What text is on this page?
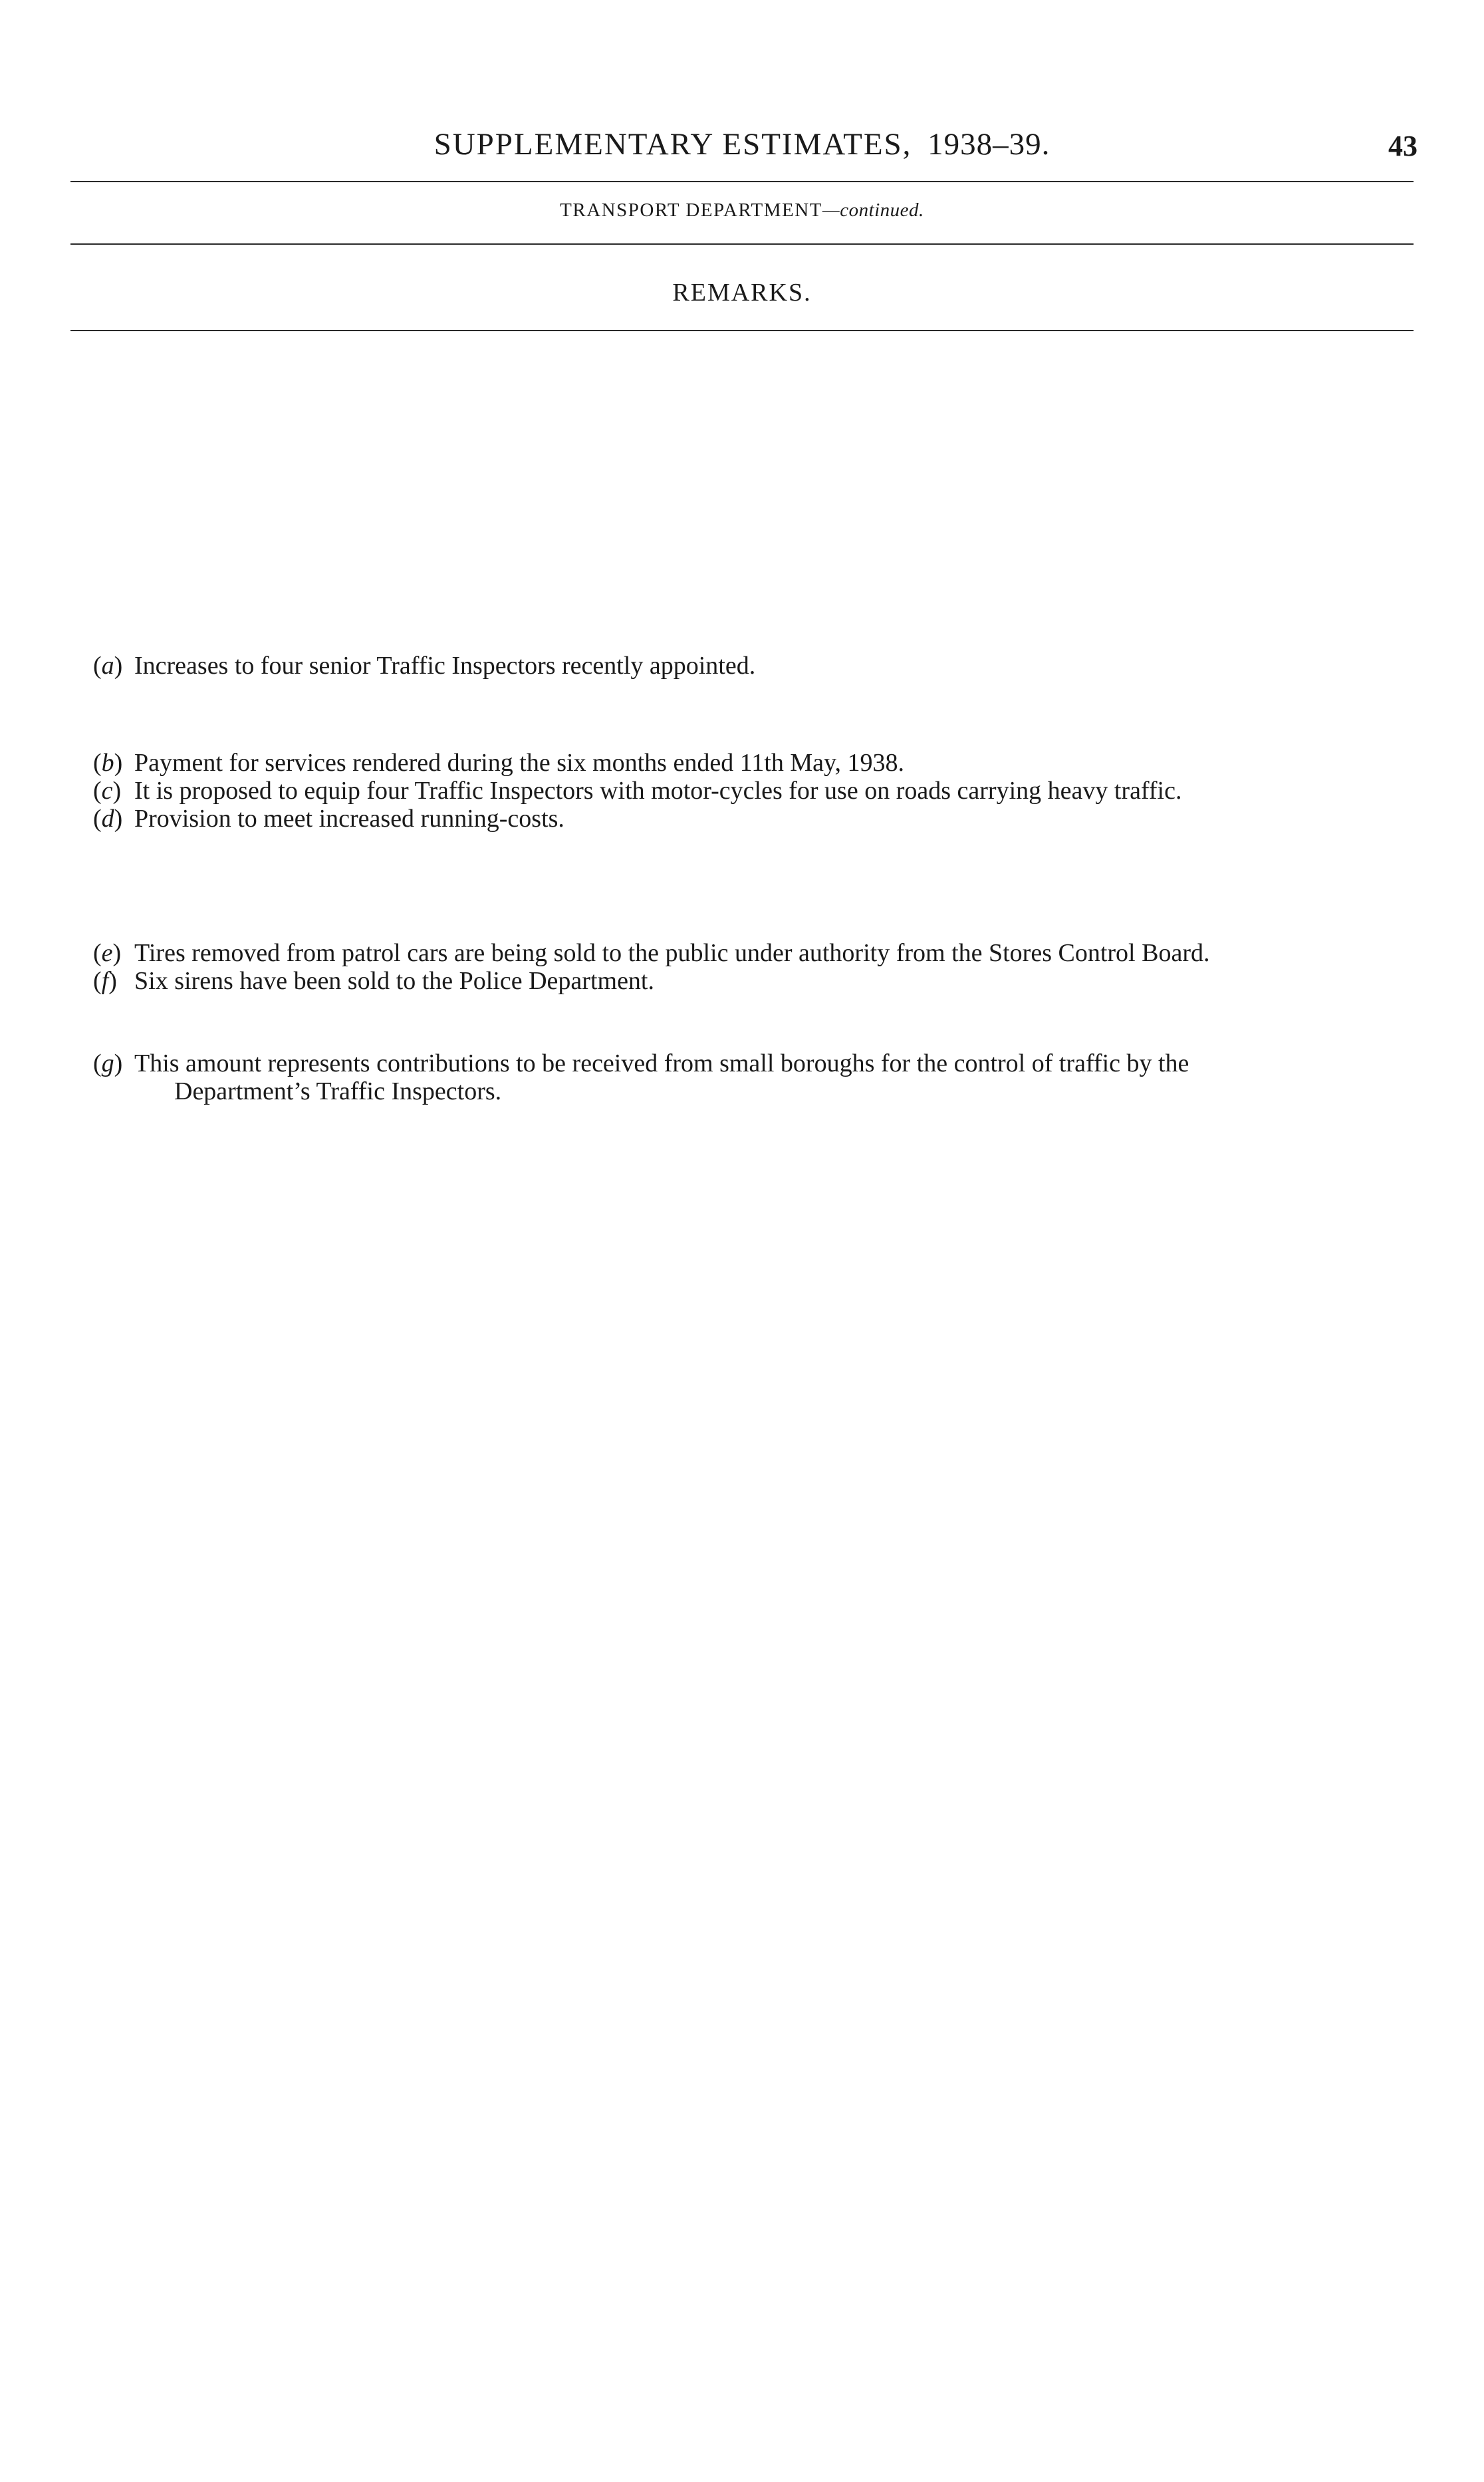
SUPPLEMENTARY ESTIMATES, 1938–39.	43
TRANSPORT DEPARTMENT—continued.
REMARKS.
(a) Increases to four senior Traffic Inspectors recently appointed.
(b) Payment for services rendered during the six months ended 11th May, 1938.
(c) It is proposed to equip four Traffic Inspectors with motor-cycles for use on roads carrying heavy traffic.
(d) Provision to meet increased running-costs.
(e) Tires removed from patrol cars are being sold to the public under authority from the Stores Control Board.
(f) Six sirens have been sold to the Police Department.
(g) This amount represents contributions to be received from small boroughs for the control of traffic by the
Department’s Traffic Inspectors.
